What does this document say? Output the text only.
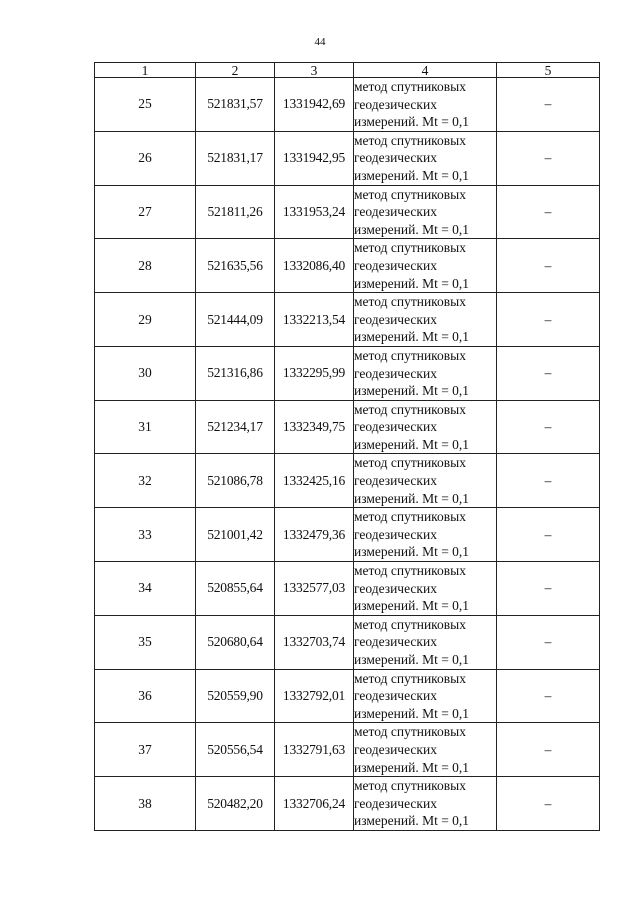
44
1	2	3	4	5
25	521831,57	1331942,69	метод спутниковых
геодезических
измерений. Mt = 0,1	–
26	521831,17	1331942,95	метод спутниковых
геодезических
измерений. Mt = 0,1	–
27	521811,26	1331953,24	метод спутниковых
геодезических
измерений. Mt = 0,1	–
28	521635,56	1332086,40	метод спутниковых
геодезических
измерений. Mt = 0,1	–
29	521444,09	1332213,54	метод спутниковых
геодезических
измерений. Mt = 0,1	–
30	521316,86	1332295,99	метод спутниковых
геодезических
измерений. Mt = 0,1	–
31	521234,17	1332349,75	метод спутниковых
геодезических
измерений. Mt = 0,1	–
32	521086,78	1332425,16	метод спутниковых
геодезических
измерений. Mt = 0,1	–
33	521001,42	1332479,36	метод спутниковых
геодезических
измерений. Mt = 0,1	–
34	520855,64	1332577,03	метод спутниковых
геодезических
измерений. Mt = 0,1	–
35	520680,64	1332703,74	метод спутниковых
геодезических
измерений. Mt = 0,1	–
36	520559,90	1332792,01	метод спутниковых
геодезических
измерений. Mt = 0,1	–
37	520556,54	1332791,63	метод спутниковых
геодезических
измерений. Mt = 0,1	–
38	520482,20	1332706,24	метод спутниковых
геодезических
измерений. Mt = 0,1	–
